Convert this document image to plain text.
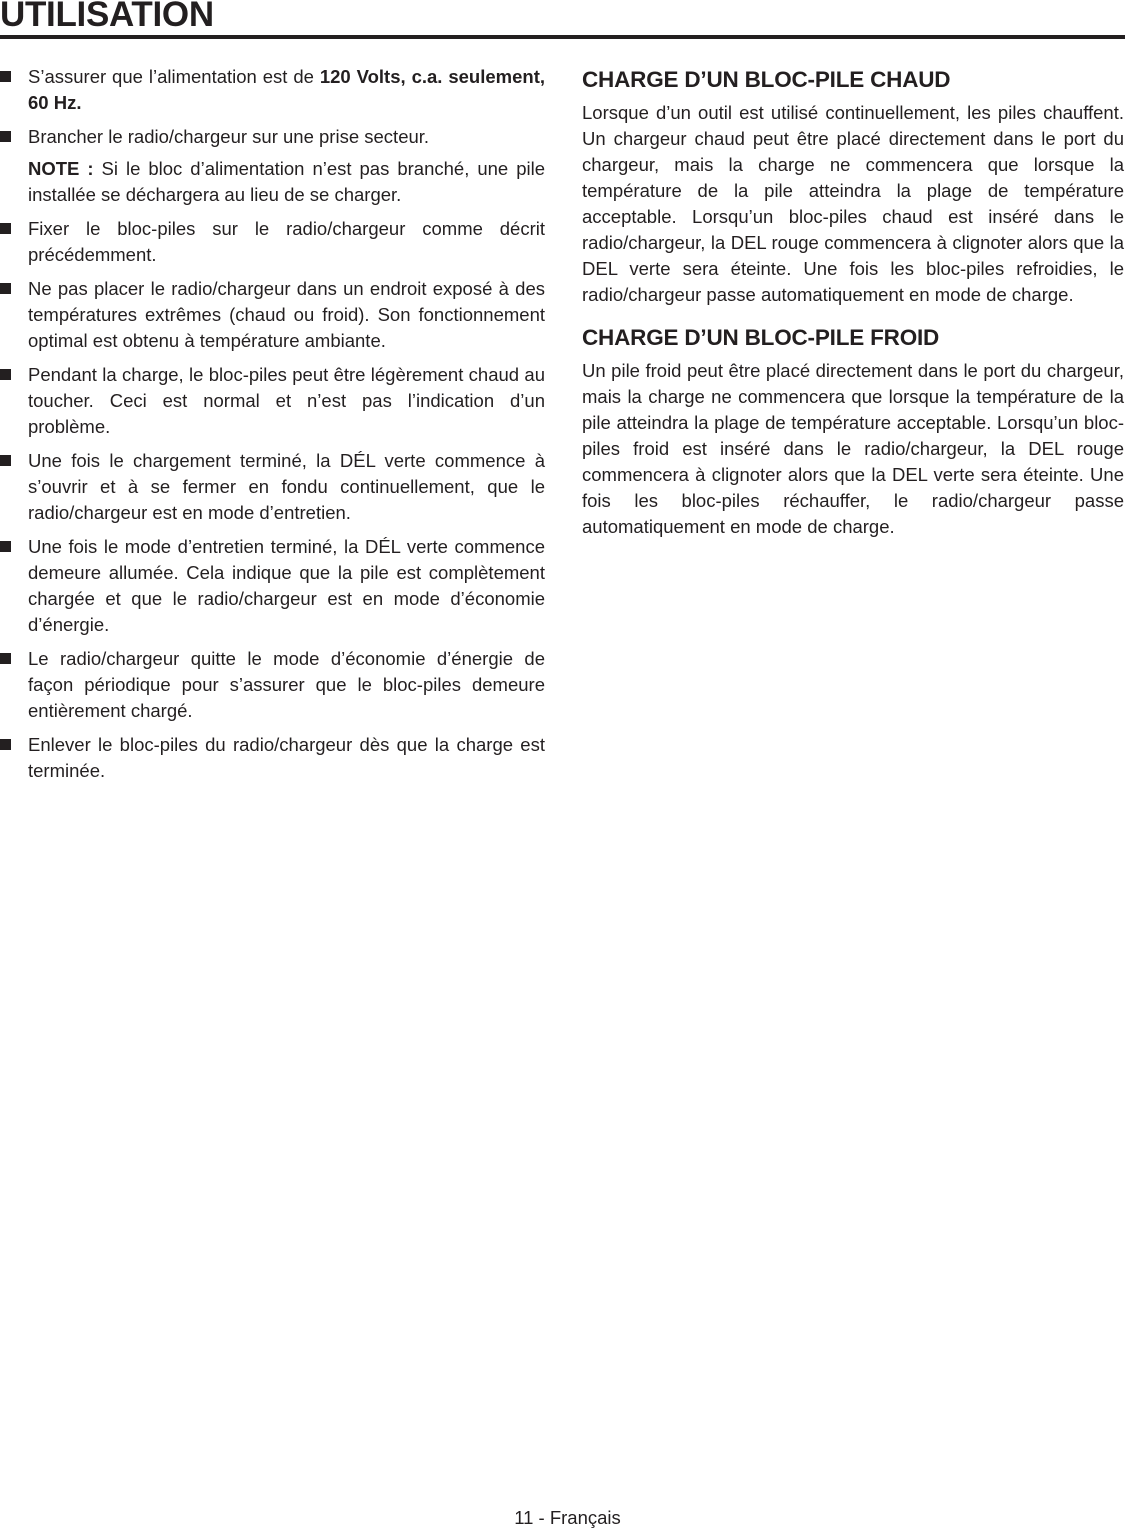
UTILISATION
S’assurer que l’alimentation est de 120 Volts, c.a. seulement, 60 Hz.
Brancher le radio/chargeur sur une prise secteur.

NOTE : Si le bloc d’alimentation n’est pas branché, une pile installée se déchargera au lieu de se charger.

Fixer le bloc-piles sur le radio/chargeur comme décrit précédemment.
Ne pas placer le radio/chargeur dans un endroit exposé à des températures extrêmes (chaud ou froid). Son fonctionnement optimal est obtenu à température ambiante.
Pendant la charge, le bloc-piles peut être légèrement chaud au toucher. Ceci est normal et n’est pas l’indication d’un problème.
Une fois le chargement terminé, la DÉL verte commence à s’ouvrir et à se fermer en fondu continuellement, que le radio/chargeur est en mode d’entretien.
Une fois le mode d’entretien terminé, la DÉL verte commence demeure allumée. Cela indique que la pile est complètement chargée et que le radio/chargeur est en mode d’économie d’énergie.
Le radio/chargeur quitte le mode d’économie d’énergie de façon périodique pour s’assurer que le bloc-piles demeure entièrement chargé.
Enlever le bloc-piles du radio/chargeur dès que la charge est terminée.
CHARGE D’UN BLOC-PILE CHAUD

Lorsque d’un outil est utilisé continuellement, les piles chauffent. Un chargeur chaud peut être placé directement dans le port du chargeur, mais la charge ne commencera que lorsque la température de la pile atteindra la plage de température acceptable. Lorsqu’un bloc-piles chaud est inséré dans le radio/chargeur, la DEL rouge commencera à clignoter alors que la DEL verte sera éteinte. Une fois les bloc-piles refroidies, le radio/chargeur passe automatiquement en mode de charge.

CHARGE D’UN BLOC-PILE FROID

Un pile froid peut être placé directement dans le port du chargeur, mais la charge ne commencera que lorsque la température de la pile atteindra la plage de température acceptable. Lorsqu’un bloc-piles froid est inséré dans le radio/chargeur, la DEL rouge commencera à clignoter alors que la DEL verte sera éteinte. Une fois les bloc-piles réchauffer, le radio/chargeur passe automatiquement en mode de charge.

11 - Français
